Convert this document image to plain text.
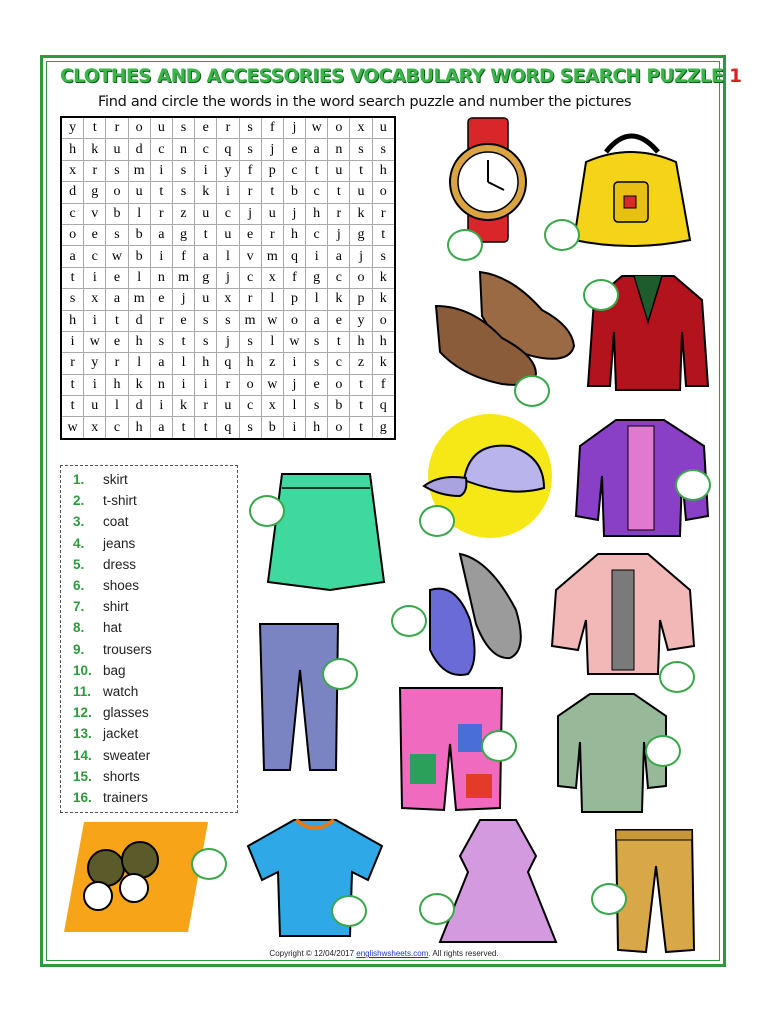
CLOTHES AND ACCESSORIES VOCABULARY WORD SEARCH PUZZLE 1
Find and circle the words in the word search puzzle and number the pictures
y	t	r	o	u	s	e	r	s	f	j	w	o	x	u
h	k	u	d	c	n	c	q	s	j	e	a	n	s	s
x	r	s	m	i	s	i	y	f	p	c	t	u	t	h
d	g	o	u	t	s	k	i	r	t	b	c	t	u	o
c	v	b	l	r	z	u	c	j	u	j	h	r	k	r
o	e	s	b	a	g	t	u	e	r	h	c	j	g	t
a	c	w	b	i	f	a	l	v	m	q	i	a	j	s
t	i	e	l	n	m	g	j	c	x	f	g	c	o	k
s	x	a	m	e	j	u	x	r	l	p	l	k	p	k
h	i	t	d	r	e	s	s	m	w	o	a	e	y	o
i	w	e	h	s	t	s	j	s	l	w	s	t	h	h
r	y	r	l	a	l	h	q	h	z	i	s	c	z	k
t	i	h	k	n	i	i	r	o	w	j	e	o	t	f
t	u	l	d	i	k	r	u	c	x	l	s	b	t	q
w	x	c	h	a	t	t	q	s	b	i	h	o	t	g
1. skirt
2. t-shirt
3. coat
4. jeans
5. dress
6. shoes
7. shirt
8. hat
9. trousers
10. bag
11. watch
12. glasses
13. jacket
14. sweater
15. shorts
16. trainers
Copyright © 12/04/2017 englishwsheets.com. All rights reserved.
